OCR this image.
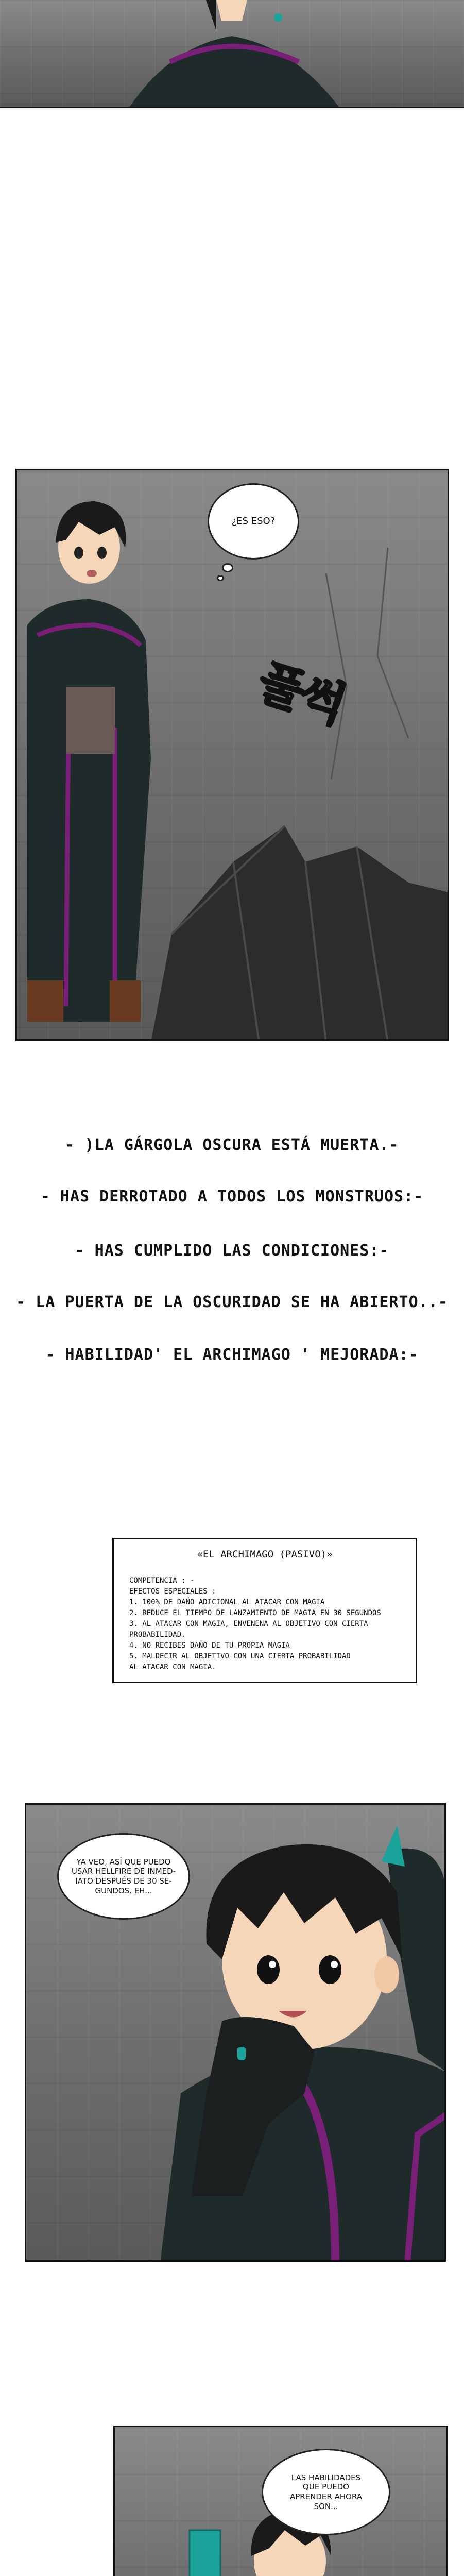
¿ES ESO?
풀썩
- )LA GÁRGOLA OSCURA ESTÁ MUERTA.-
- HAS DERROTADO A TODOS LOS MONSTRUOS:-
- HAS CUMPLIDO LAS CONDICIONES:-
- LA PUERTA DE LA OSCURIDAD SE HA ABIERTO..-
- HABILIDAD' EL ARCHIMAGO ' MEJORADA:-
«EL ARCHIMAGO (PASIVO)»
COMPETENCIA : -
EFECTOS ESPECIALES :
1. 100% DE DAÑO ADICIONAL AL ATACAR CON MAGIA
2. REDUCE EL TIEMPO DE LANZAMIENTO DE MAGIA EN 30 SEGUNDOS
3. AL ATACAR CON MAGIA, ENVENENA AL OBJETIVO CON CIERTA
PROBABILIDAD.
4. NO RECIBES DAÑO DE TU PROPIA MAGIA
5. MALDECIR AL OBJETIVO CON UNA CIERTA PROBABILIDAD
AL ATACAR CON MAGIA.
YA VEO, ASÍ QUE PUEDO
USAR HELLFIRE DE INMED-
IATO DESPUÉS DE 30 SE-
GUNDOS. EH...
LAS HABILIDADES
QUE PUEDO
APRENDER AHORA
SON...
